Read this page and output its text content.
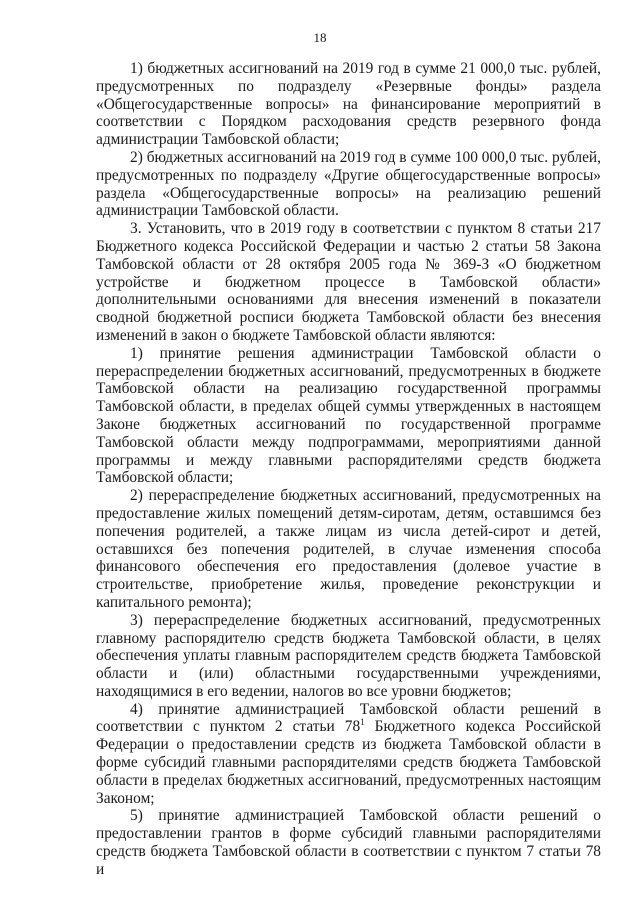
18

1) бюджетных ассигнований на 2019 год в сумме 21 000,0 тыс. рублей, предусмотренных по подразделу «Резервные фонды» раздела «Общегосударственные вопросы» на финансирование мероприятий в соответствии с Порядком расходования средств резервного фонда администрации Тамбовской области;

2) бюджетных ассигнований на 2019 год в сумме 100 000,0 тыс. рублей, предусмотренных по подразделу «Другие общегосударственные вопросы» раздела «Общегосударственные вопросы» на реализацию решений администрации Тамбовской области.

3. Установить, что в 2019 году в соответствии с пунктом 8 статьи 217 Бюджетного кодекса Российской Федерации и частью 2 статьи 58 Закона Тамбовской области от 28 октября 2005 года № 369-З «О бюджетном устройстве и бюджетном процессе в Тамбовской области» дополнительными основаниями для внесения изменений в показатели сводной бюджетной росписи бюджета Тамбовской области без внесения изменений в закон о бюджете Тамбовской области являются:

1) принятие решения администрации Тамбовской области о перераспределении бюджетных ассигнований, предусмотренных в бюджете Тамбовской области на реализацию государственной программы Тамбовской области, в пределах общей суммы утвержденных в настоящем Законе бюджетных ассигнований по государственной программе Тамбовской области между подпрограммами, мероприятиями данной программы и между главными распорядителями средств бюджета Тамбовской области;

2) перераспределение бюджетных ассигнований, предусмотренных на предоставление жилых помещений детям-сиротам, детям, оставшимся без попечения родителей, а также лицам из числа детей-сирот и детей, оставшихся без попечения родителей, в случае изменения способа финансового обеспечения его предоставления (долевое участие в строительстве, приобретение жилья, проведение реконструкции и капитального ремонта);

3) перераспределение бюджетных ассигнований, предусмотренных главному распорядителю средств бюджета Тамбовской области, в целях обеспечения уплаты главным распорядителем средств бюджета Тамбовской области и (или) областными государственными учреждениями, находящимися в его ведении, налогов во все уровни бюджетов;

4) принятие администрацией Тамбовской области решений в соответствии с пунктом 2 статьи $78^1$ Бюджетного кодекса Российской Федерации о предоставлении средств из бюджета Тамбовской области в форме субсидий главными распорядителями средств бюджета Тамбовской области в пределах бюджетных ассигнований, предусмотренных настоящим Законом;

5) принятие администрацией Тамбовской области решений о предоставлении грантов в форме субсидий главными распорядителями средств бюджета Тамбовской области в соответствии с пунктом 7 статьи 78 и
